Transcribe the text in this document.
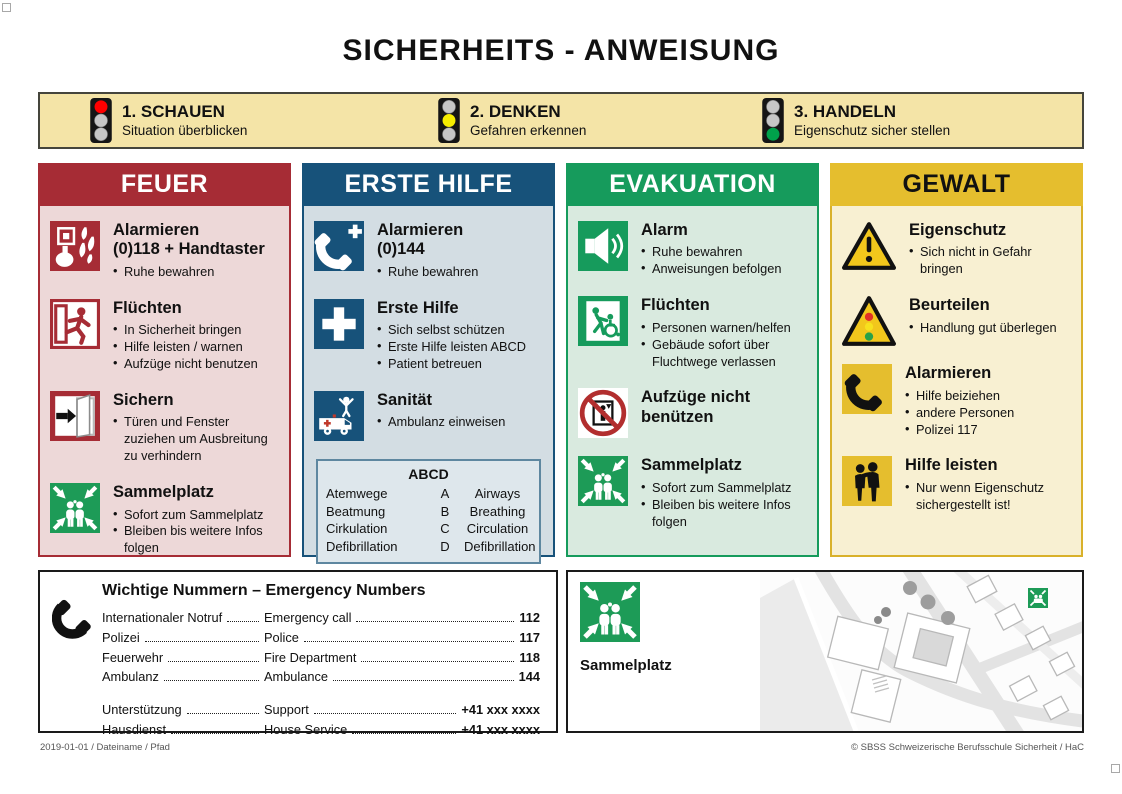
SICHERHEITS - ANWEISUNG
1. SCHAUEN
Situation überblicken
2. DENKEN
Gefahren erkennen
3. HANDELN
Eigenschutz sicher stellen
FEUER
Alarmieren
(0)118 + Handtaster
• Ruhe bewahren
Flüchten
• In Sicherheit bringen
• Hilfe leisten / warnen
• Aufzüge nicht benutzen
Sichern
• Türen und Fenster zuziehen um Ausbreitung zu verhindern
Sammelplatz
• Sofort zum Sammelplatz
• Bleiben bis weitere Infos folgen
ERSTE HILFE
Alarmieren
(0)144
• Ruhe bewahren
Erste Hilfe
• Sich selbst schützen
• Erste Hilfe leisten ABCD
• Patient betreuen
Sanität
• Ambulanz einweisen
ABCD
Atemwege	A	Airways
Beatmung	B	Breathing
Cirkulation	C	Circulation
Defibrillation	D	Defibrillation
EVAKUATION
Alarm
• Ruhe bewahren
• Anweisungen befolgen
Flüchten
• Personen warnen/helfen
• Gebäude sofort über Fluchtwege verlassen
Aufzüge nicht benützen
Sammelplatz
• Sofort zum Sammelplatz
• Bleiben bis weitere Infos folgen
GEWALT
Eigenschutz
• Sich nicht in Gefahr bringen
Beurteilen
• Handlung gut überlegen
Alarmieren
• Hilfe beiziehen
• andere Personen
• Polizei 117
Hilfe leisten
• Nur wenn Eigenschutz sichergestellt ist!
Wichtige Nummern – Emergency Numbers
Internationaler Notruf	Emergency call	112
Polizei	Police	117
Feuerwehr	Fire Department	118
Ambulanz	Ambulance	144
Unterstützung	Support	+41 xxx xxxx
Hausdienst	House Service	+41 xxx xxxx
Sammelplatz
2019-01-01 / Dateiname / Pfad	© SBSS Schweizerische Berufsschule Sicherheit / HaC
